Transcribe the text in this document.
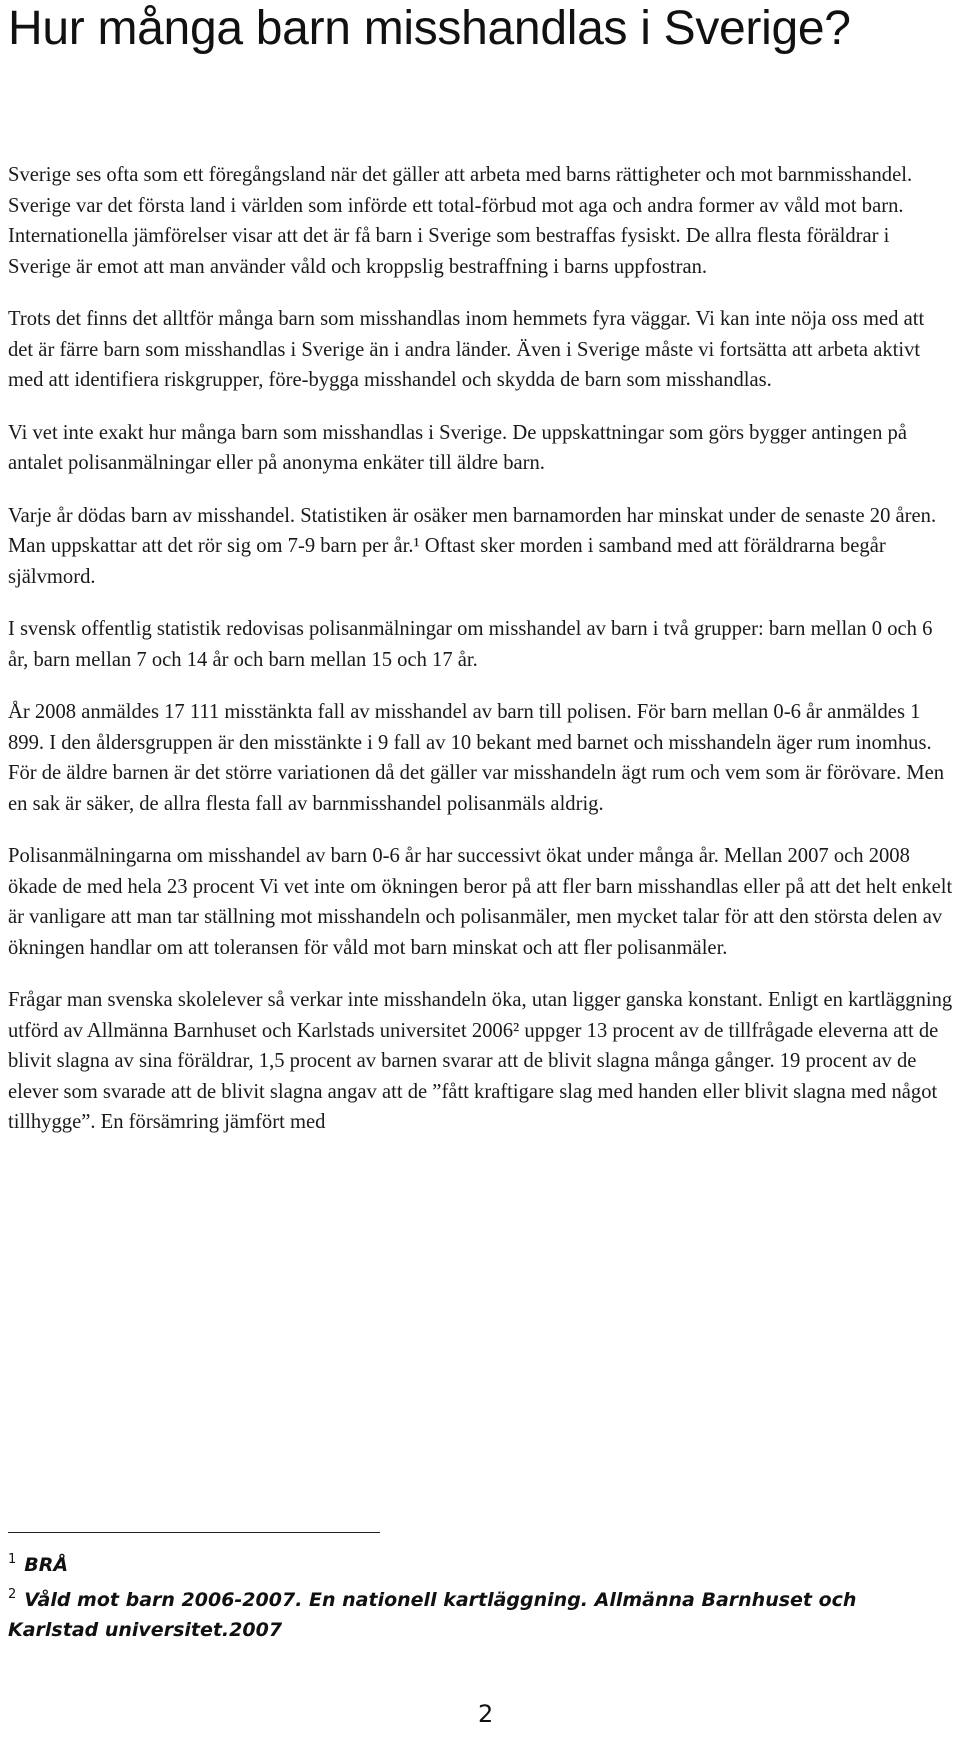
Hur många barn misshandlas i Sverige?

Sverige ses ofta som ett föregångsland när det gäller att arbeta med barns rättigheter och mot barnmisshandel. Sverige var det första land i världen som införde ett total-förbud mot aga och andra former av våld mot barn. Internationella jämförelser visar att det är få barn i Sverige som bestraffas fysiskt. De allra flesta föräldrar i Sverige är emot att man använder våld och kroppslig bestraffning i barns uppfostran.

Trots det finns det alltför många barn som misshandlas inom hemmets fyra väggar. Vi kan inte nöja oss med att det är färre barn som misshandlas i Sverige än i andra länder. Även i Sverige måste vi fortsätta att arbeta aktivt med att identifiera riskgrupper, före-bygga misshandel och skydda de barn som misshandlas.

Vi vet inte exakt hur många barn som misshandlas i Sverige. De uppskattningar som görs bygger antingen på antalet polisanmälningar eller på anonyma enkäter till äldre barn.

Varje år dödas barn av misshandel. Statistiken är osäker men barnamorden har minskat under de senaste 20 åren. Man uppskattar att det rör sig om 7-9 barn per år.¹ Oftast sker morden i samband med att föräldrarna begår självmord.

I svensk offentlig statistik redovisas polisanmälningar om misshandel av barn i två grupper: barn mellan 0 och 6 år, barn mellan 7 och 14 år och barn mellan 15 och 17 år.

År 2008 anmäldes 17 111 misstänkta fall av misshandel av barn till polisen. För barn mellan 0-6 år anmäldes 1 899. I den åldersgruppen är den misstänkte i 9 fall av 10 bekant med barnet och misshandeln äger rum inomhus. För de äldre barnen är det större variationen då det gäller var misshandeln ägt rum och vem som är förövare. Men en sak är säker, de allra flesta fall av barnmisshandel polisanmäls aldrig.

Polisanmälningarna om misshandel av barn 0-6 år har successivt ökat under många år. Mellan 2007 och 2008 ökade de med hela 23 procent Vi vet inte om ökningen beror på att fler barn misshandlas eller på att det helt enkelt är vanligare att man tar ställning mot misshandeln och polisanmäler, men mycket talar för att den största delen av ökningen handlar om att toleransen för våld mot barn minskat och att fler polisanmäler.

Frågar man svenska skolelever så verkar inte misshandeln öka, utan ligger ganska konstant. Enligt en kartläggning utförd av Allmänna Barnhuset och Karlstads universitet 2006² uppger 13 procent av de tillfrågade eleverna att de blivit slagna av sina föräldrar, 1,5 procent av barnen svarar att de blivit slagna många gånger. 19 procent av de elever som svarade att de blivit slagna angav att de ”fått kraftigare slag med handen eller blivit slagna med något tillhygge”. En försämring jämfört med

$^1$ BRÅ

$^2$ Våld mot barn 2006-2007. En nationell kartläggning. Allmänna Barnhuset och Karlstad universitet.2007

2
